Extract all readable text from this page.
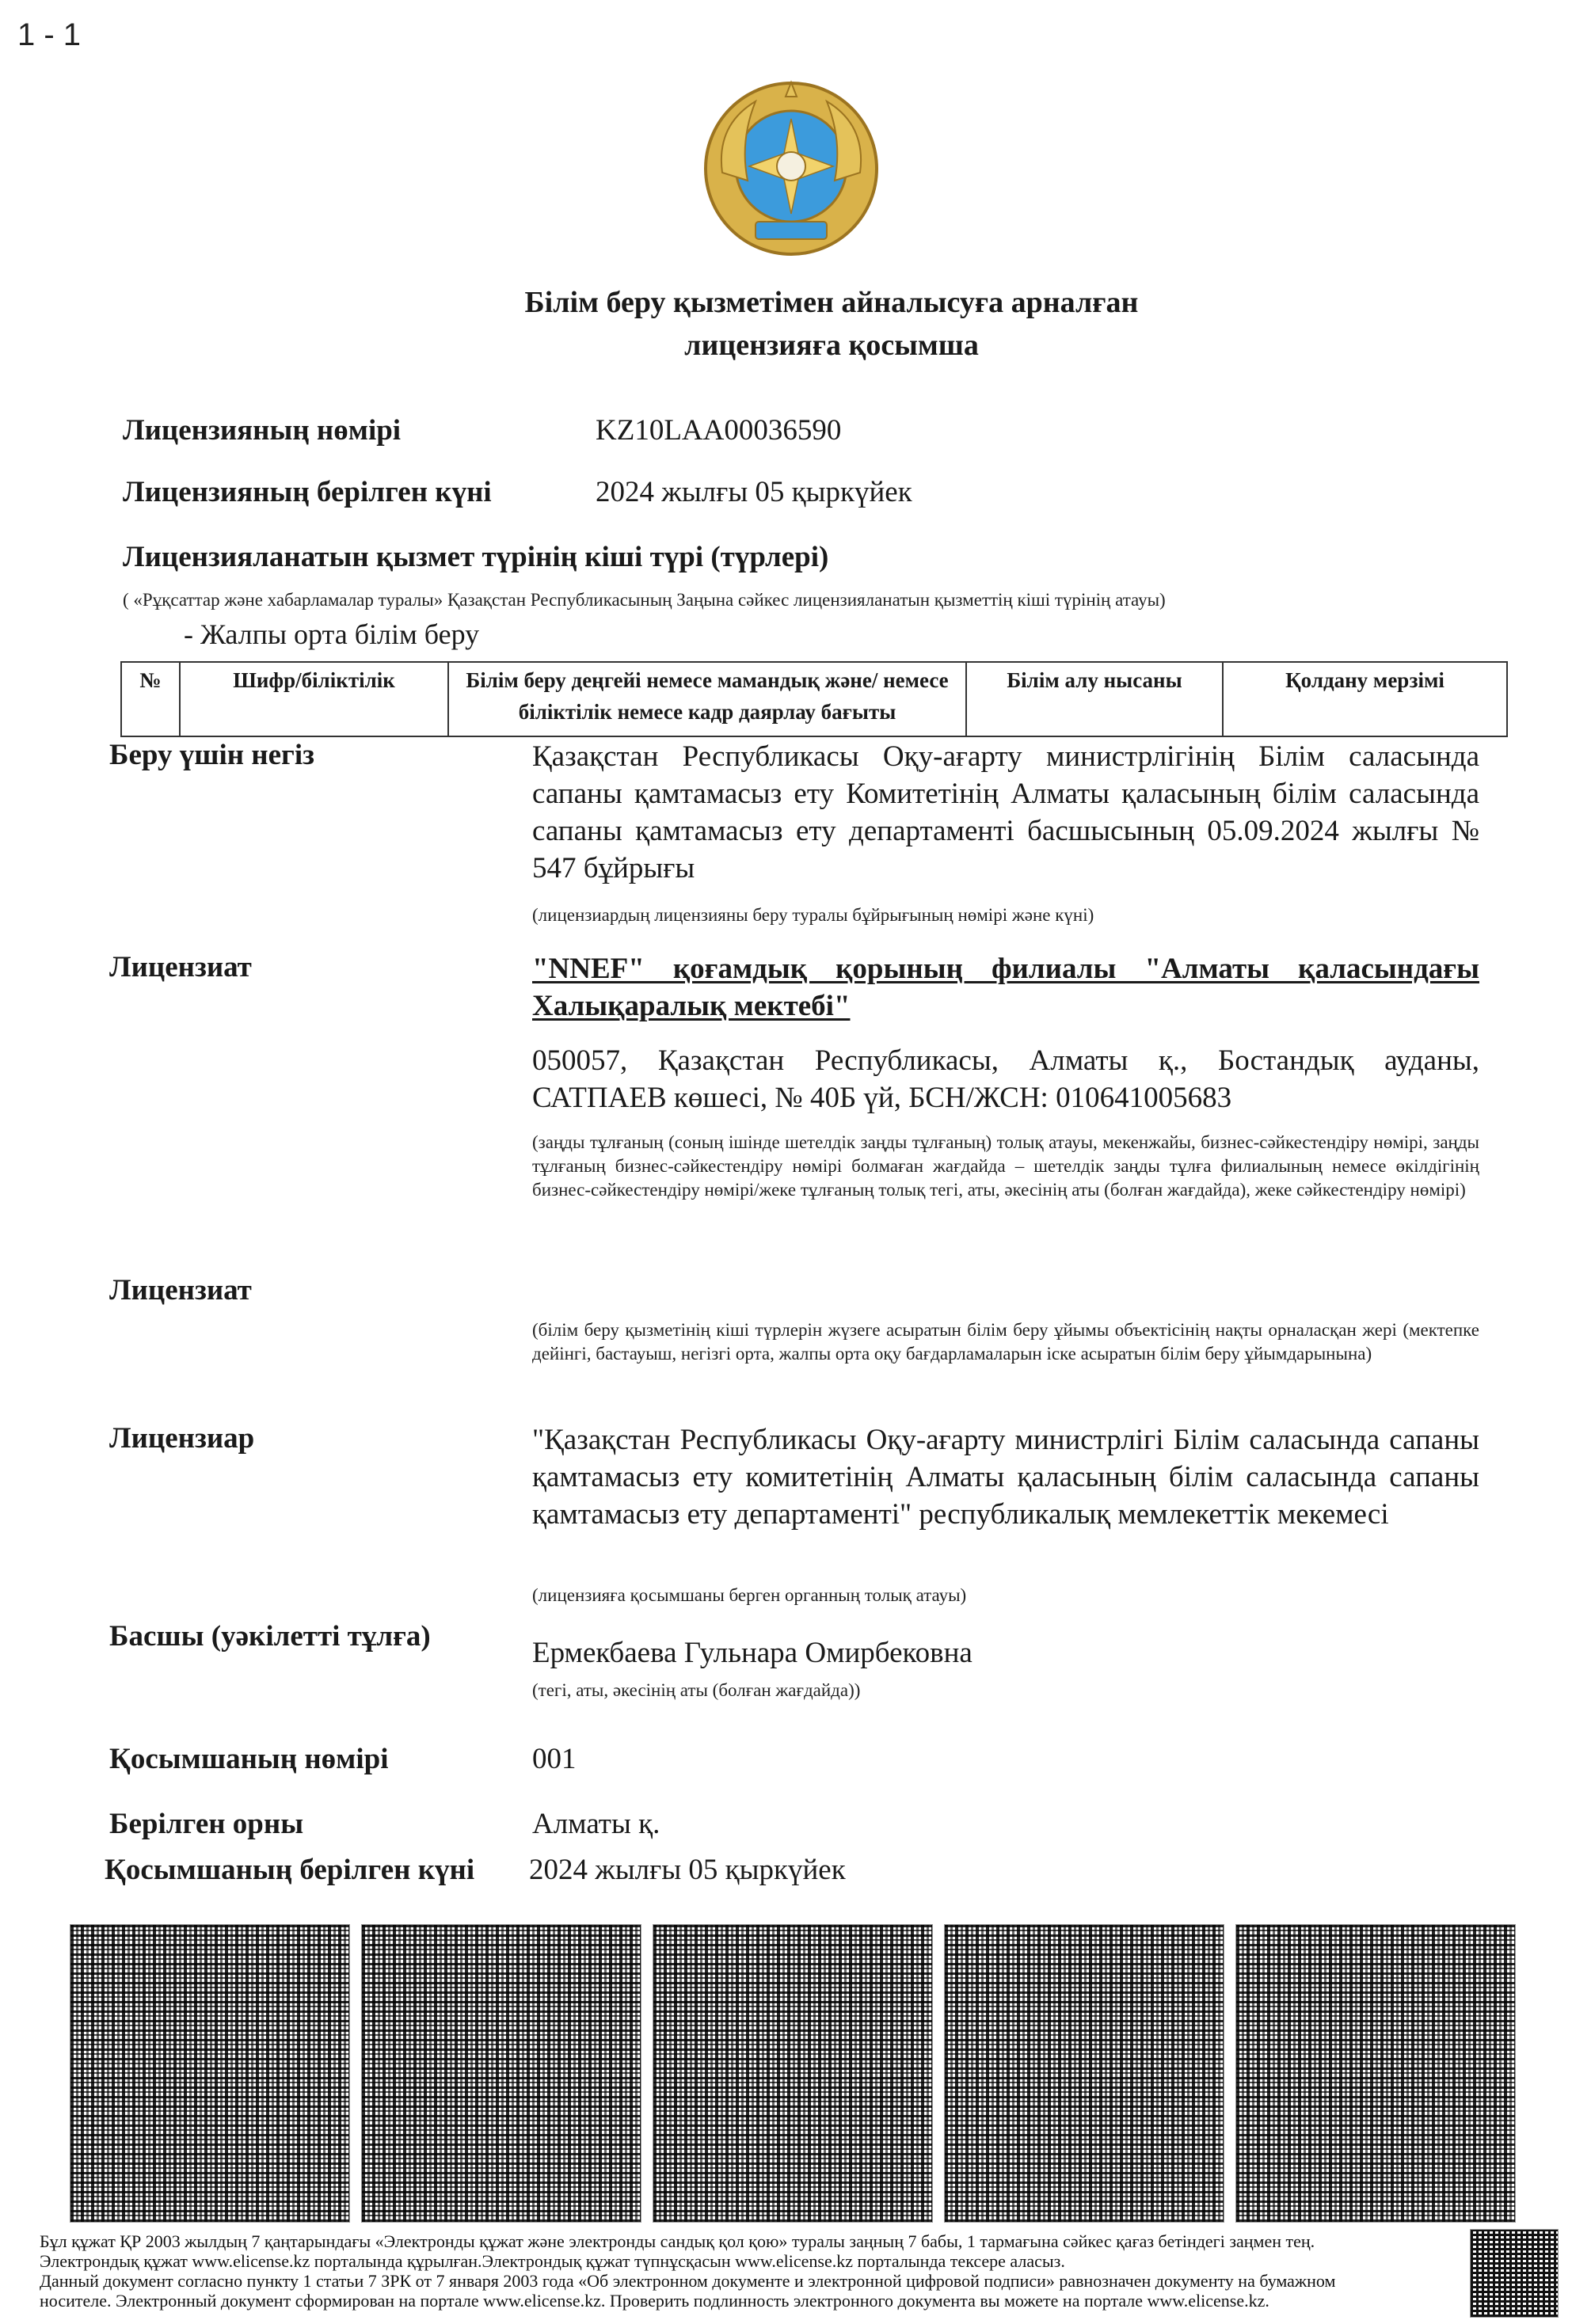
1 - 1
Білім беру қызметімен айналысуға арналған
лицензияға қосымша
Лицензияның нөмірі	KZ10LAA00036590
Лицензияның берілген күні	2024 жылғы 05 қыркүйек
Лицензияланатын қызмет түрінің кіші түрі (түрлері)
( «Рұқсаттар және хабарламалар туралы» Қазақстан Республикасының Заңына сәйкес лицензияланатын қызметтің кіші түрінің атауы)
- Жалпы орта білім беру
№	Шифр/біліктілік	Білім беру деңгейі немесе мамандық және/ немесе біліктілік немесе кадр даярлау бағыты	Білім алу нысаны	Қолдану мерзімі
Беру үшін негіз	Қазақстан Республикасы Оқу-ағарту министрлігінің Білім саласында сапаны қамтамасыз ету Комитетінің Алматы қаласының білім саласында сапаны қамтамасыз ету департаменті басшысының 05.09.2024 жылғы № 547 бұйрығы
(лицензиардың лицензияны беру туралы бұйрығының нөмірі және күні)
Лицензиат	"NNEF" қоғамдық қорының филиалы "Алматы қаласындағы Халықаралық мектебі"
050057, Қазақстан Республикасы, Алматы қ., Бостандық ауданы, САТПАЕВ көшесі, № 40Б үй, БСН/ЖСН: 010641005683
(заңды тұлғаның (соның ішінде шетелдік заңды тұлғаның) толық атауы, мекенжайы, бизнес-сәйкестендіру нөмірі, заңды тұлғаның бизнес-сәйкестендіру нөмірі болмаған жағдайда – шетелдік заңды тұлға филиалының немесе өкілдігінің бизнес-сәйкестендіру нөмірі/жеке тұлғаның толық тегі, аты, әкесінің аты (болған жағдайда), жеке сәйкестендіру нөмірі)
Лицензиат
(білім беру қызметінің кіші түрлерін жүзеге асыратын білім беру ұйымы объектісінің нақты орналасқан жері (мектепке дейінгі, бастауыш, негізгі орта, жалпы орта оқу бағдарламаларын іске асыратын білім беру ұйымдарынына)
Лицензиар	"Қазақстан Республикасы Оқу-ағарту министрлігі Білім саласында сапаны қамтамасыз ету комитетінің Алматы қаласының білім саласында сапаны қамтамасыз ету департаменті" республикалық мемлекеттік мекемесі
(лицензияға қосымшаны берген органның толық атауы)
Басшы (уәкілетті тұлға)
Ермекбаева Гульнара Омирбековна
(тегі, аты, әкесінің аты (болған жағдайда))
Қосымшаның нөмірі	001
Берілген орны	Алматы қ.
Қосымшаның берілген күні 2024 жылғы 05 қыркүйек
Бұл құжат ҚР 2003 жылдың 7 қаңтарындағы «Электронды құжат және электронды сандық қол қою» туралы заңның 7 бабы, 1 тармағына сәйкес қағаз бетіндегі заңмен тең.
Электрондық құжат www.elicense.kz порталында құрылған.Электрондық құжат түпнұсқасын www.elicense.kz порталында тексере аласыз.
Данный документ согласно пункту 1 статьи 7 ЗРК от 7 января 2003 года «Об электронном документе и электронной цифровой подписи» равнозначен документу на бумажном
носителе. Электронный документ сформирован на портале www.elicense.kz. Проверить подлинность электронного документа вы можете на портале www.elicense.kz.
